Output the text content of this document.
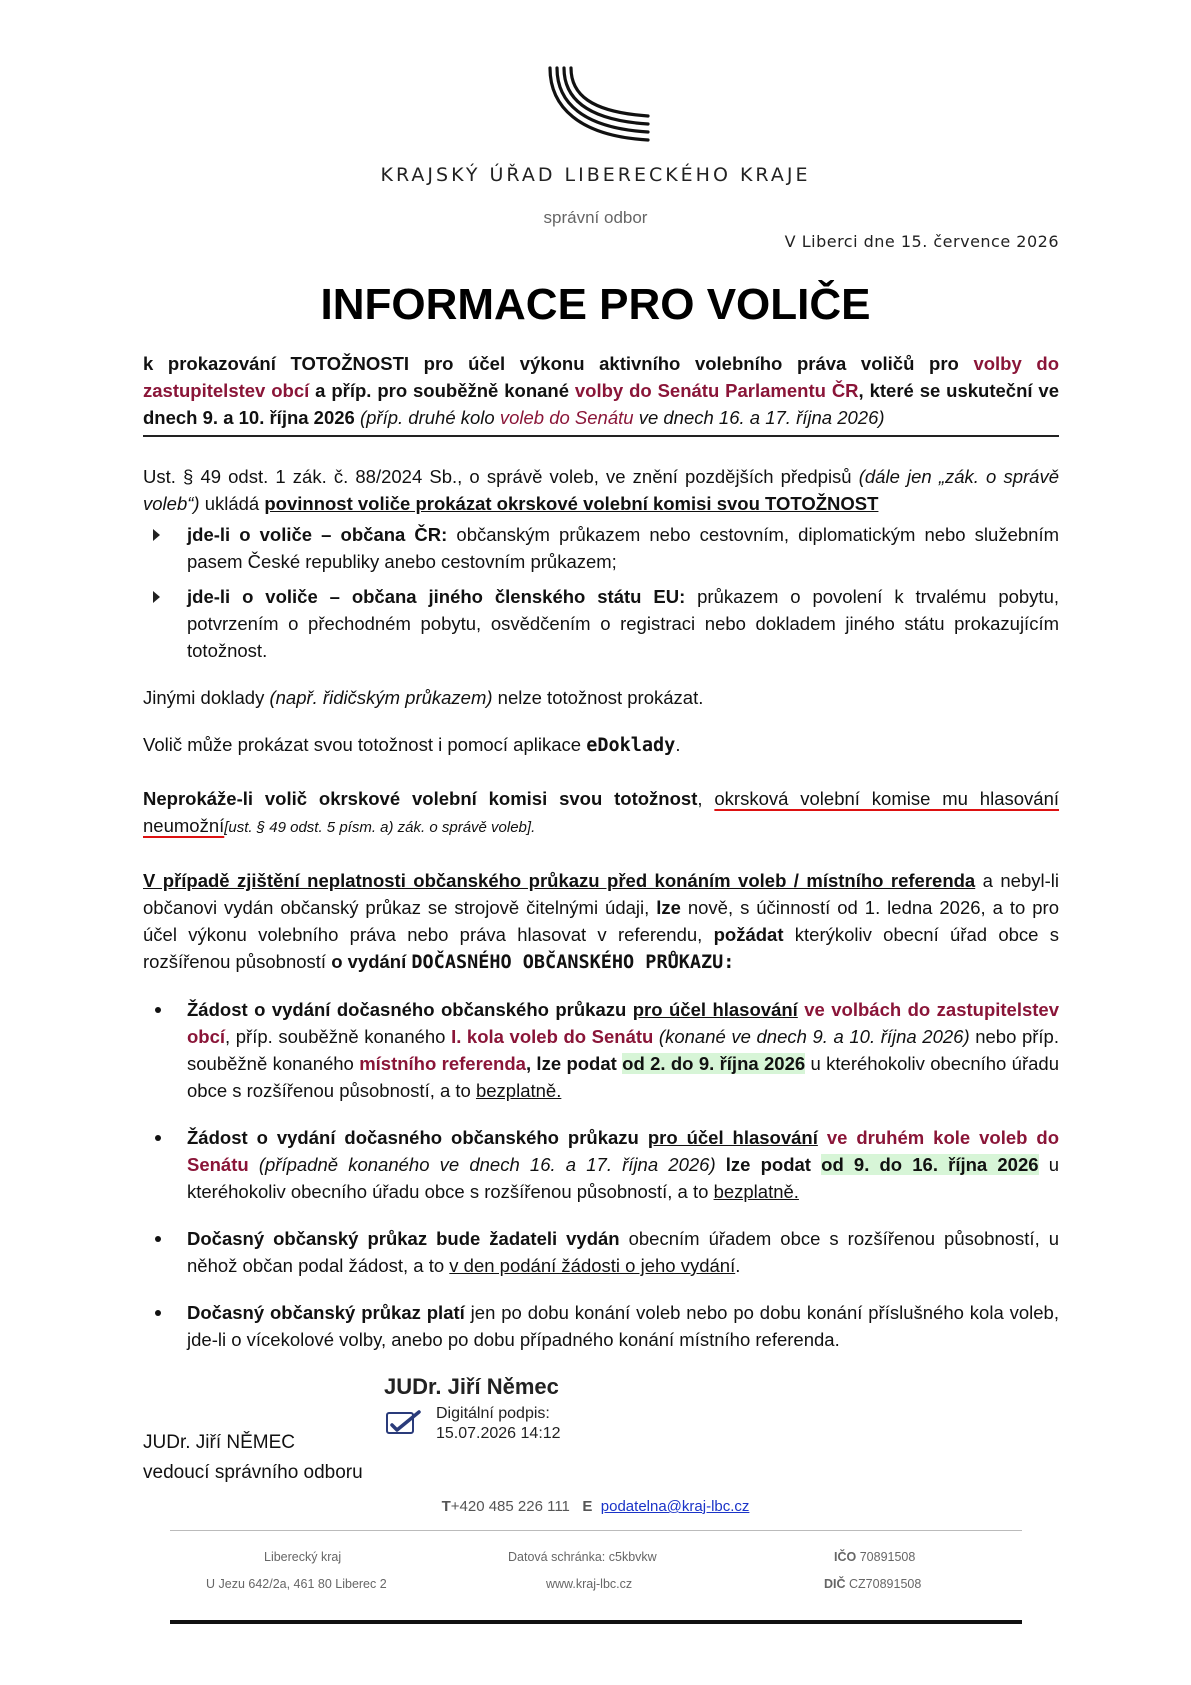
KRAJSKÝ ÚŘAD LIBERECKÉHO KRAJE
správní odbor
V Liberci dne 15. července 2026
INFORMACE PRO VOLIČE

k prokazování TOTOŽNOSTI pro účel výkonu aktivního volebního práva voličů pro volby do zastupitelstev obcí a příp. pro souběžně konané volby do Senátu Parlamentu ČR, které se uskuteční ve dnech 9. a 10. října 2026 (příp. druhé kolo voleb do Senátu ve dnech 16. a 17. října 2026)

Ust. § 49 odst. 1 zák. č. 88/2024 Sb., o správě voleb, ve znění pozdějších předpisů (dále jen „zák. o správě voleb“) ukládá povinnost voliče prokázat okrskové volební komisi svou TOTOŽNOST

jde-li o voliče – občana ČR: občanským průkazem nebo cestovním, diplomatickým nebo služebním pasem České republiky anebo cestovním průkazem;
jde-li o voliče – občana jiného členského státu EU: průkazem o povolení k trvalému pobytu, potvrzením o přechodném pobytu, osvědčením o registraci nebo dokladem jiného státu prokazujícím totožnost.

Jinými doklady (např. řidičským průkazem) nelze totožnost prokázat.

Volič může prokázat svou totožnost i pomocí aplikace eDoklady.

Neprokáže-li volič okrskové volební komisi svou totožnost, okrsková volební komise mu hlasování neumožní[ust. § 49 odst. 5 písm. a) zák. o správě voleb].

V případě zjištění neplatnosti občanského průkazu před konáním voleb / místního referenda a nebyl-li občanovi vydán občanský průkaz se strojově čitelnými údaji, lze nově, s účinností od 1. ledna 2026, a to pro účel výkonu volebního práva nebo práva hlasovat v referendu, požádat kterýkoliv obecní úřad obce s rozšířenou působností o vydání DOČASNÉHO OBČANSKÉHO PRŮKAZU:

Žádost o vydání dočasného občanského průkazu pro účel hlasování ve volbách do zastupitelstev obcí, příp. souběžně konaného I. kola voleb do Senátu (konané ve dnech 9. a 10. října 2026) nebo příp. souběžně konaného místního referenda, lze podat od 2. do 9. října 2026 u kteréhokoliv obecního úřadu obce s rozšířenou působností, a to bezplatně.
Žádost o vydání dočasného občanského průkazu pro účel hlasování ve druhém kole voleb do Senátu (případně konaného ve dnech 16. a 17. října 2026) lze podat od 9. do 16. října 2026 u kteréhokoliv obecního úřadu obce s rozšířenou působností, a to bezplatně.
Dočasný občanský průkaz bude žadateli vydán obecním úřadem obce s rozšířenou působností, u něhož občan podal žádost, a to v den podání žádosti o jeho vydání.
Dočasný občanský průkaz platí jen po dobu konání voleb nebo po dobu konání příslušného kola voleb, jde-li o vícekolové volby, anebo po dobu případného konání místního referenda.
JUDr. Jiří Němec
Digitální podpis:
15.07.2026 14:12
JUDr. Jiří NĚMEC
vedoucí správního odboru
T+420 485 226 111 E podatelna@kraj-lbc.cz
Liberecký kraj
U Jezu 642/2a, 461 80 Liberec 2
Datová schránka: c5kbvkw
www.kraj-lbc.cz
IČO 70891508
DIČ CZ70891508
